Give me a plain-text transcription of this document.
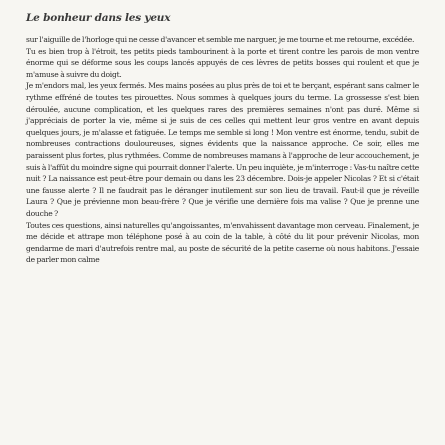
Le bonheur dans les yeux

sur l'aiguille de l'horloge qui ne cesse d'avancer et semble me narguer, je me tourne et me retourne, excédée.

Tu es bien trop à l'étroit, tes petits pieds tambourinent à la porte et tirent contre les parois de mon ventre énorme qui se déforme sous les coups lancés appuyés de ces lèvres de petits bosses qui roulent et que je m'amuse à suivre du doigt.

Je m'endors mal, les yeux fermés. Mes mains posées au plus près de toi et te berçant, espérant sans calmer le rythme effréné de toutes tes pirouettes. Nous sommes à quelques jours du terme. La grossesse s'est bien déroulée, aucune complication, et les quelques rares des premières semaines n'ont pas duré. Même si j'appréciais de porter la vie, même si je suis de ces celles qui mettent leur gros ventre en avant depuis quelques jours, je m'alasse et fatiguée. Le temps me semble si long ! Mon ventre est énorme, tendu, subit de nombreuses contractions douloureuses, signes évidents que la naissance approche. Ce soir, elles me paraissent plus fortes, plus rythmées. Comme de nombreuses mamans à l'approche de leur accouchement, je suis à l'affût du moindre signe qui pourrait donner l'alerte. Un peu inquiète, je m'interroge : Vas-tu naître cette nuit ? La naissance est peut-être pour demain ou dans les 23 décembre. Dois-je appeler Nicolas ? Et si c'était une fausse alerte ? Il ne faudrait pas le déranger inutilement sur son lieu de travail. Faut-il que je réveille Laura ? Que je prévienne mon beau-frère ? Que je vérifie une dernière fois ma valise ? Que je prenne une douche ?

Toutes ces questions, ainsi naturelles qu'angoissantes, m'envahissent davantage mon cerveau. Finalement, je me décide et attrape mon téléphone posé à au coin de la table, à côté du lit pour prévenir Nicolas, mon gendarme de mari d'autrefois rentre mal, au poste de sécurité de la petite caserne où nous habitons. J'essaie de parler mon calme
